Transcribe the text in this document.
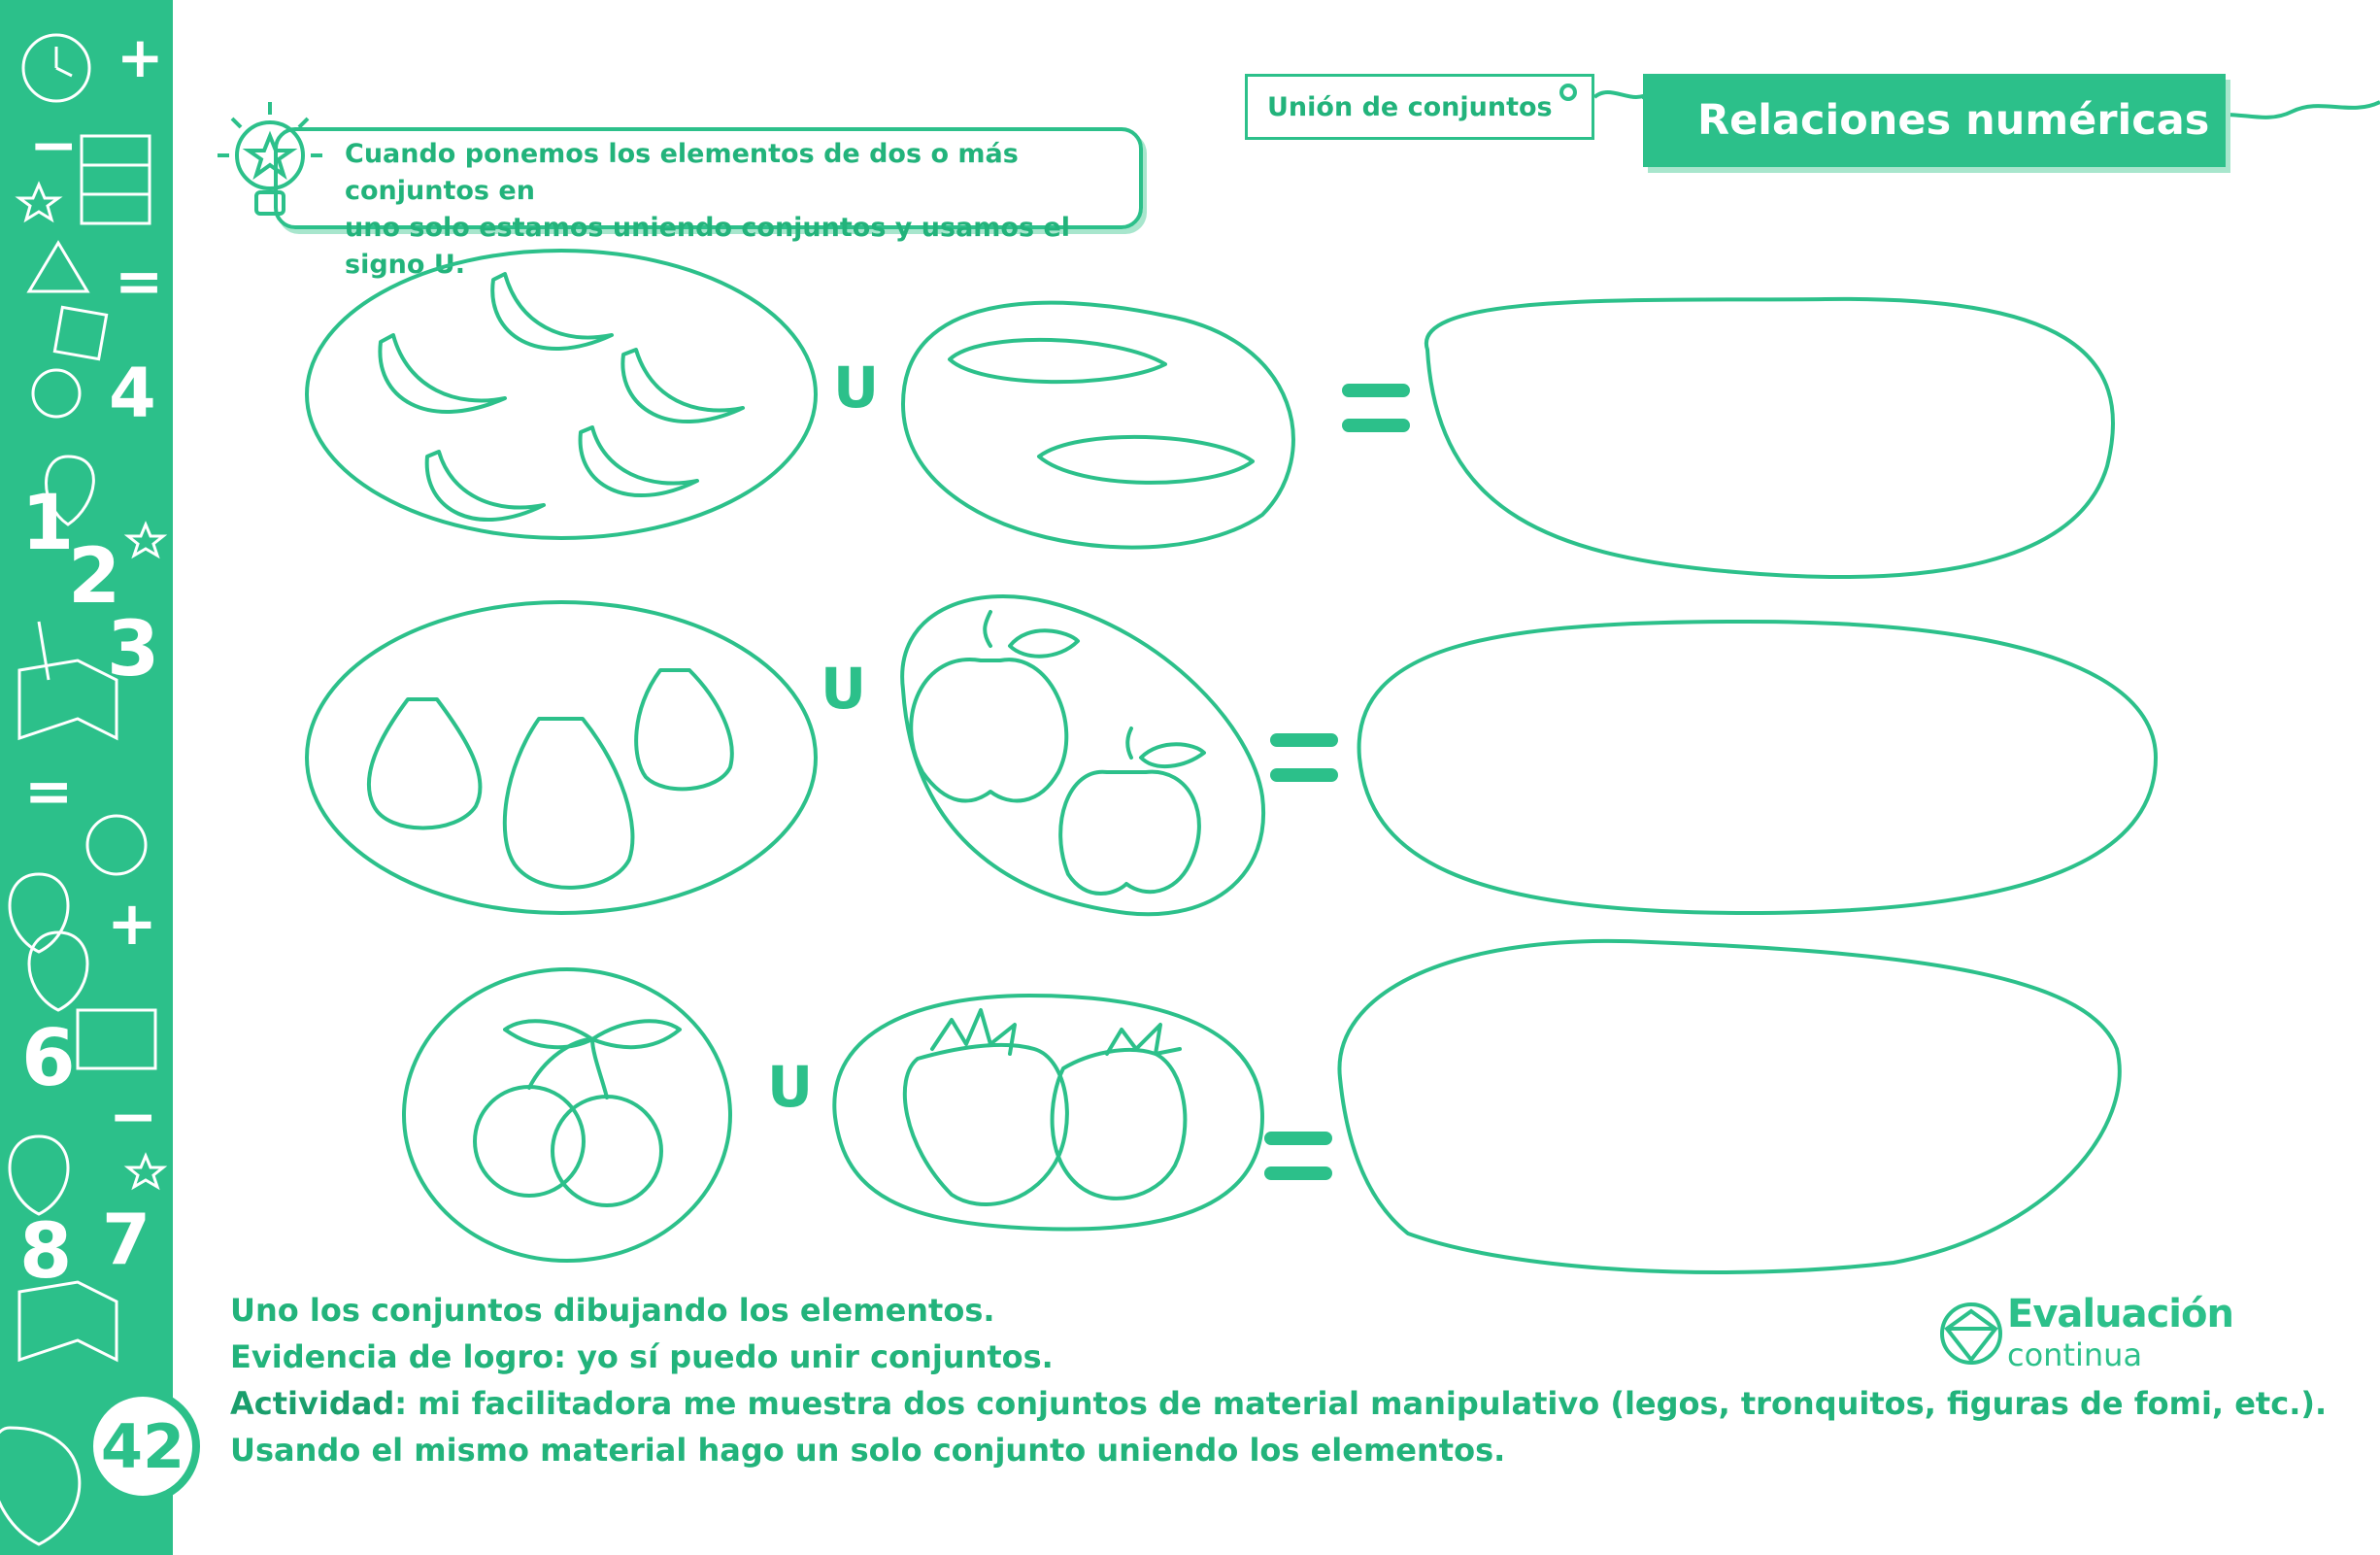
+
−
=
4
1
2
3
=
+
6
−
8 7
42
Unión de conjuntos	Relaciones numéricas
Cuando ponemos los elementos de dos o más conjuntos en
uno solo estamos uniendo conjuntos y usamos el signo U.
U
U
U
Uno los conjuntos dibujando los elementos.
Evidencia de logro: yo sí puedo unir conjuntos.
Actividad: mi facilitadora me muestra dos conjuntos de material manipulativo (legos, tronquitos, figuras de fomi, etc.).
Usando el mismo material hago un solo conjunto uniendo los elementos.
Evaluación
continua
